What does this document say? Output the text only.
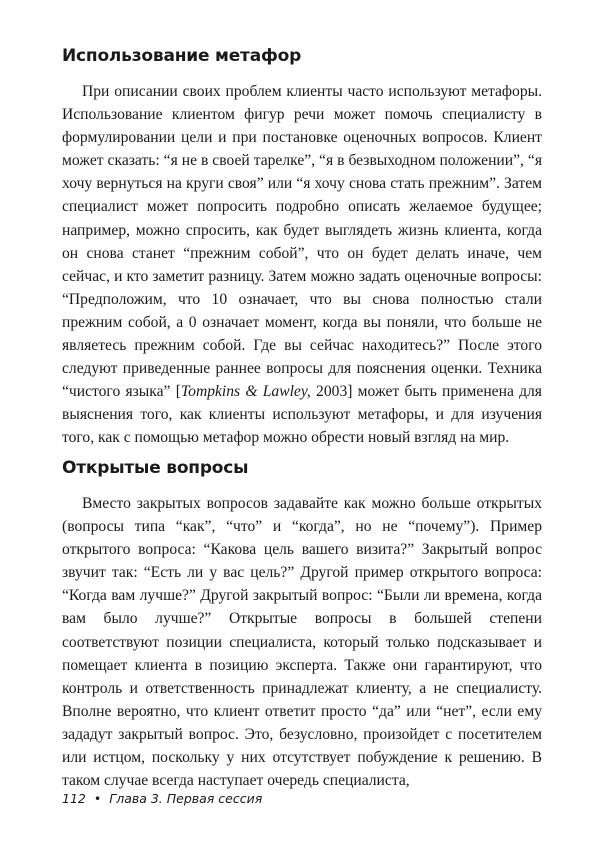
Использование метафор

При описании своих проблем клиенты часто используют метафоры. Использование клиентом фигур речи может помочь специалисту в формулировании цели и при постановке оценочных вопросов. Клиент может сказать: “я не в своей тарелке”, “я в безвыходном положении”, “я хочу вернуться на круги своя” или “я хочу снова стать прежним”. Затем специалист может попросить подробно описать желаемое будущее; например, можно спросить, как будет выглядеть жизнь клиента, когда он снова станет “прежним собой”, что он будет делать иначе, чем сейчас, и кто заметит разницу. Затем можно задать оценочные вопросы: “Предположим, что 10 означает, что вы снова полностью стали прежним собой, а 0 означает момент, когда вы поняли, что больше не являетесь прежним собой. Где вы сейчас находитесь?” После этого следуют приведенные раннее вопросы для пояснения оценки. Техника “чистого языка” [Tompkins & Lawley, 2003] может быть применена для выяснения того, как клиенты используют метафоры, и для изучения того, как с помощью метафор можно обрести новый взгляд на мир.

Открытые вопросы

Вместо закрытых вопросов задавайте как можно больше открытых (вопросы типа “как”, “что” и “когда”, но не “почему”). Пример открытого вопроса: “Какова цель вашего визита?” Закрытый вопрос звучит так: “Есть ли у вас цель?” Другой пример открытого вопроса: “Когда вам лучше?” Другой закрытый вопрос: “Были ли времена, когда вам было лучше?” Открытые вопросы в большей степени соответствуют позиции специалиста, который только подсказывает и помещает клиента в позицию эксперта. Также они гарантируют, что контроль и ответственность принадлежат клиенту, а не специалисту. Вполне вероятно, что клиент ответит просто “да” или “нет”, если ему зададут закрытый вопрос. Это, безусловно, произойдет с посетителем или истцом, поскольку у них отсутствует побуждение к решению. В таком случае всегда наступает очередь специалиста,

112 • Глава 3. Первая сессия
